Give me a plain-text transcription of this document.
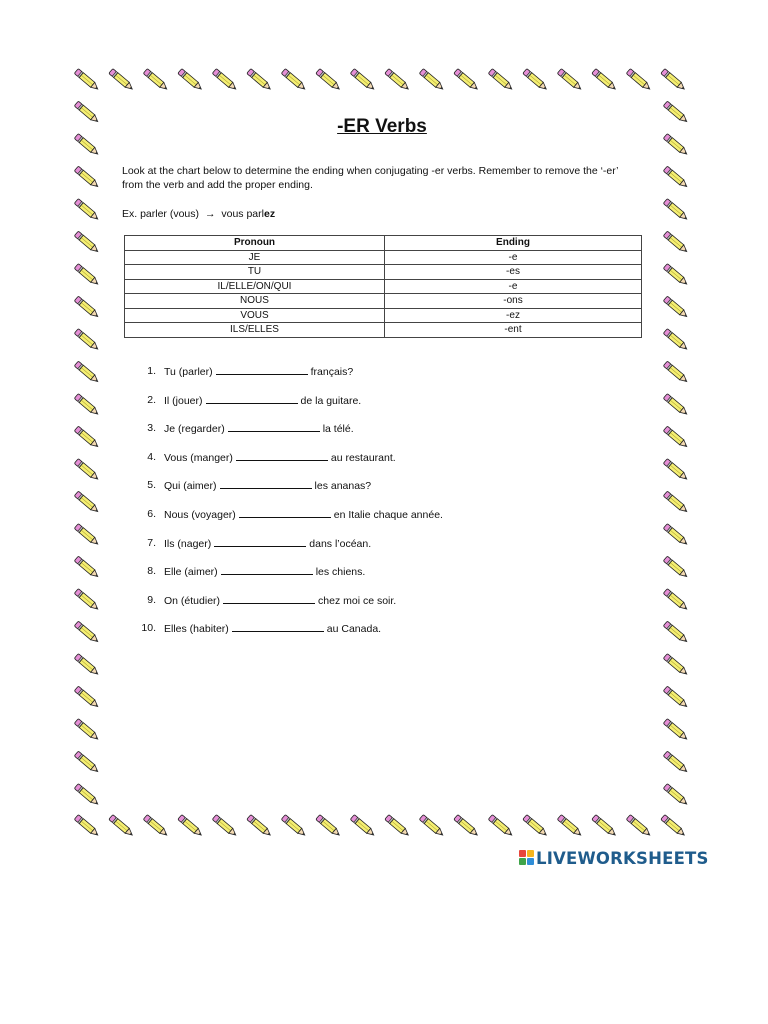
-ER Verbs

Look at the chart below to determine the ending when conjugating -er verbs. Remember to remove the ‘-er’ from the verb and add the proper ending.

Ex. parler (vous) → vous parlez

Pronoun	Ending
JE	-e
TU	-es
IL/ELLE/ON/QUI	-e
NOUS	-ons
VOUS	-ez
ILS/ELLES	-ent
1. Tu (parler)	français?
2. Il (jouer)	de la guitare.
3. Je (regarder)	la télé.
4. Vous (manger)	au restaurant.
5. Qui (aimer)	les ananas?
6. Nous (voyager)	en Italie chaque année.
7. Ils (nager)	dans l’océan.
8. Elle (aimer)	les chiens.
9. On (étudier)	chez moi ce soir.
10. Elles (habiter)	au Canada.
LIVEWORKSHEETS
